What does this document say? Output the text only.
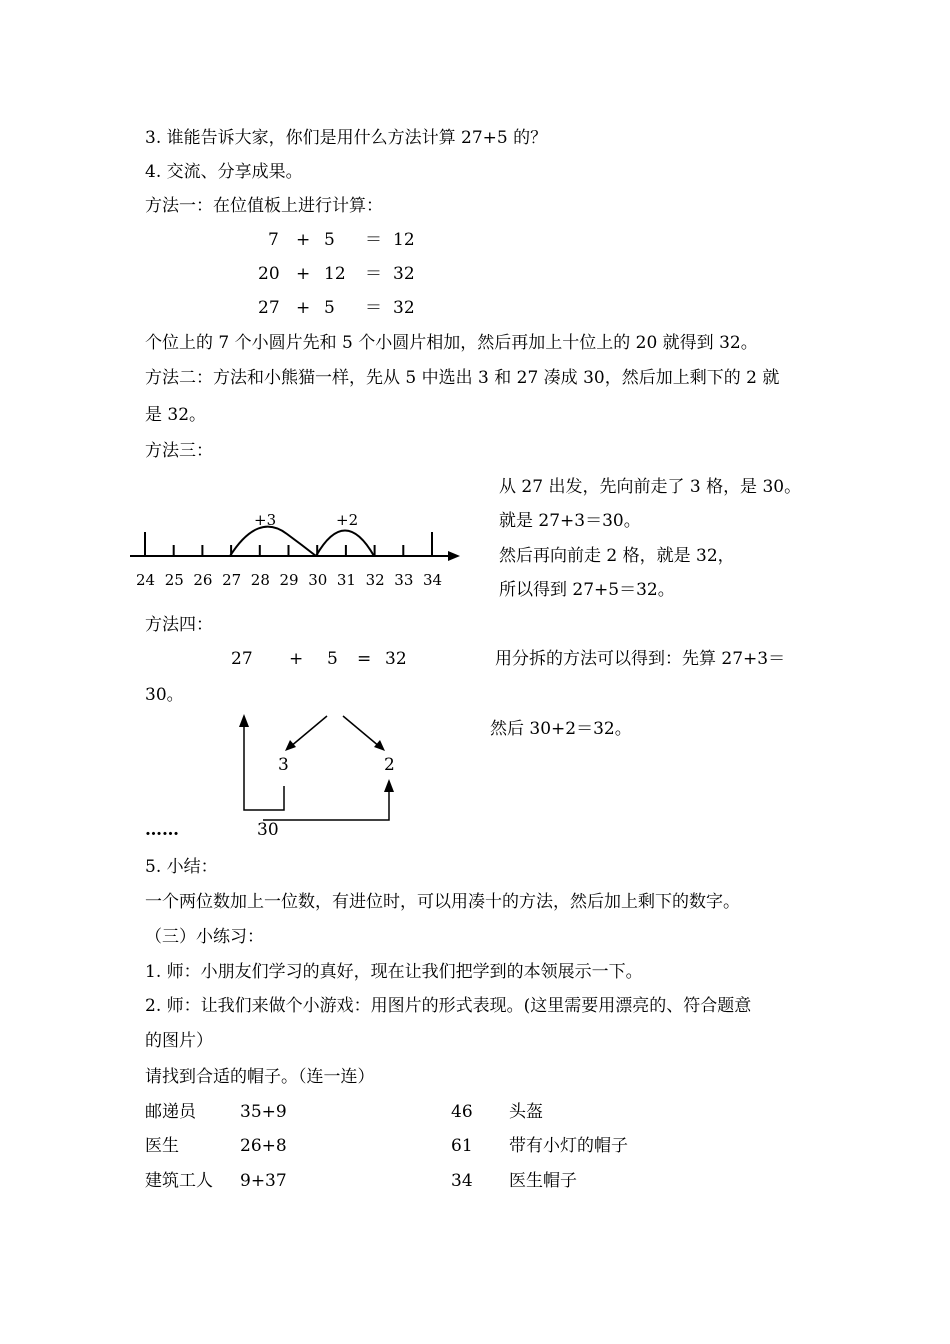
3. 谁能告诉大家，你们是用什么方法计算 27+5 的？
4. 交流、分享成果。
方法一：在位值板上进行计算：
7 + 5 ＝ 12
20 + 12 ＝ 32
27 + 5 ＝ 32
个位上的 7 个小圆片先和 5 个小圆片相加，然后再加上十位上的 20 就得到 32。
方法二：方法和小熊猫一样，先从 5 中选出 3 和 27 凑成 30，然后加上剩下的 2 就
是 32。
方法三：
+3	+2
24 25 26 27 28 29 30 31 32 33 34
从 27 出发，先向前走了 3 格，是 30。
就是 27+3＝30。
然后再向前走 2 格，就是 32，
所以得到 27+5＝32。
方法四：
27 + 5 = 32	用分拆的方法可以得到：先算 27+3＝
30。
然后 30+2＝32。
3	2
30
……
5. 小结：
一个两位数加上一位数，有进位时，可以用凑十的方法，然后加上剩下的数字。
（三）小练习：
1. 师：小朋友们学习的真好，现在让我们把学到的本领展示一下。
2. 师：让我们来做个小游戏：用图片的形式表现。(这里需要用漂亮的、符合题意
的图片）
请找到合适的帽子。（连一连）
邮递员	35+9	46 头盔
医生	26+8	61 带有小灯的帽子
建筑工人 9+37	34 医生帽子
